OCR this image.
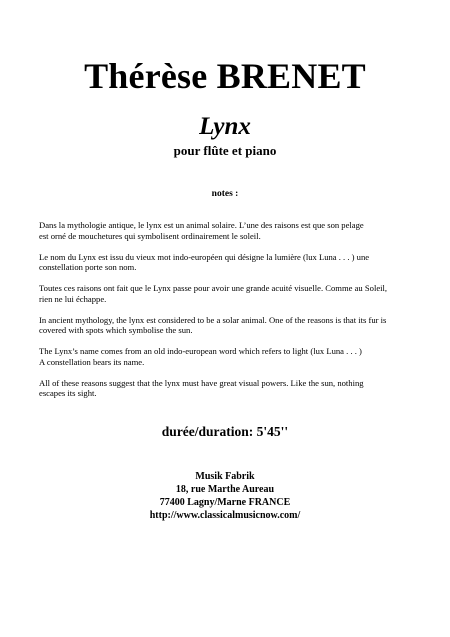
Thérèse BRENET
Lynx
pour flûte et piano
notes :

Dans la mythologie antique, le lynx est un animal solaire. L’une des raisons est que son pelage
est orné de mouchetures qui symbolisent ordinairement le soleil.

Le nom du Lynx est issu du vieux mot indo-européen qui désigne la lumière (lux Luna . . . ) une
constellation porte son nom.

Toutes ces raisons ont fait que le Lynx passe pour avoir une grande acuité visuelle. Comme au Soleil,
rien ne lui échappe.

In ancient mythology, the lynx est considered to be a solar animal. One of the reasons is that its fur is
covered with spots which symbolise the sun.

The Lynx’s name comes from an old indo-european word which refers to light (lux Luna . . . )
A constellation bears its name.

All of these reasons suggest that the lynx must have great visual powers. Like the sun, nothing
escapes its sight.

durée/duration: 5'45''
Musik Fabrik
18, rue Marthe Aureau
77400 Lagny/Marne FRANCE
http://www.classicalmusicnow.com/
